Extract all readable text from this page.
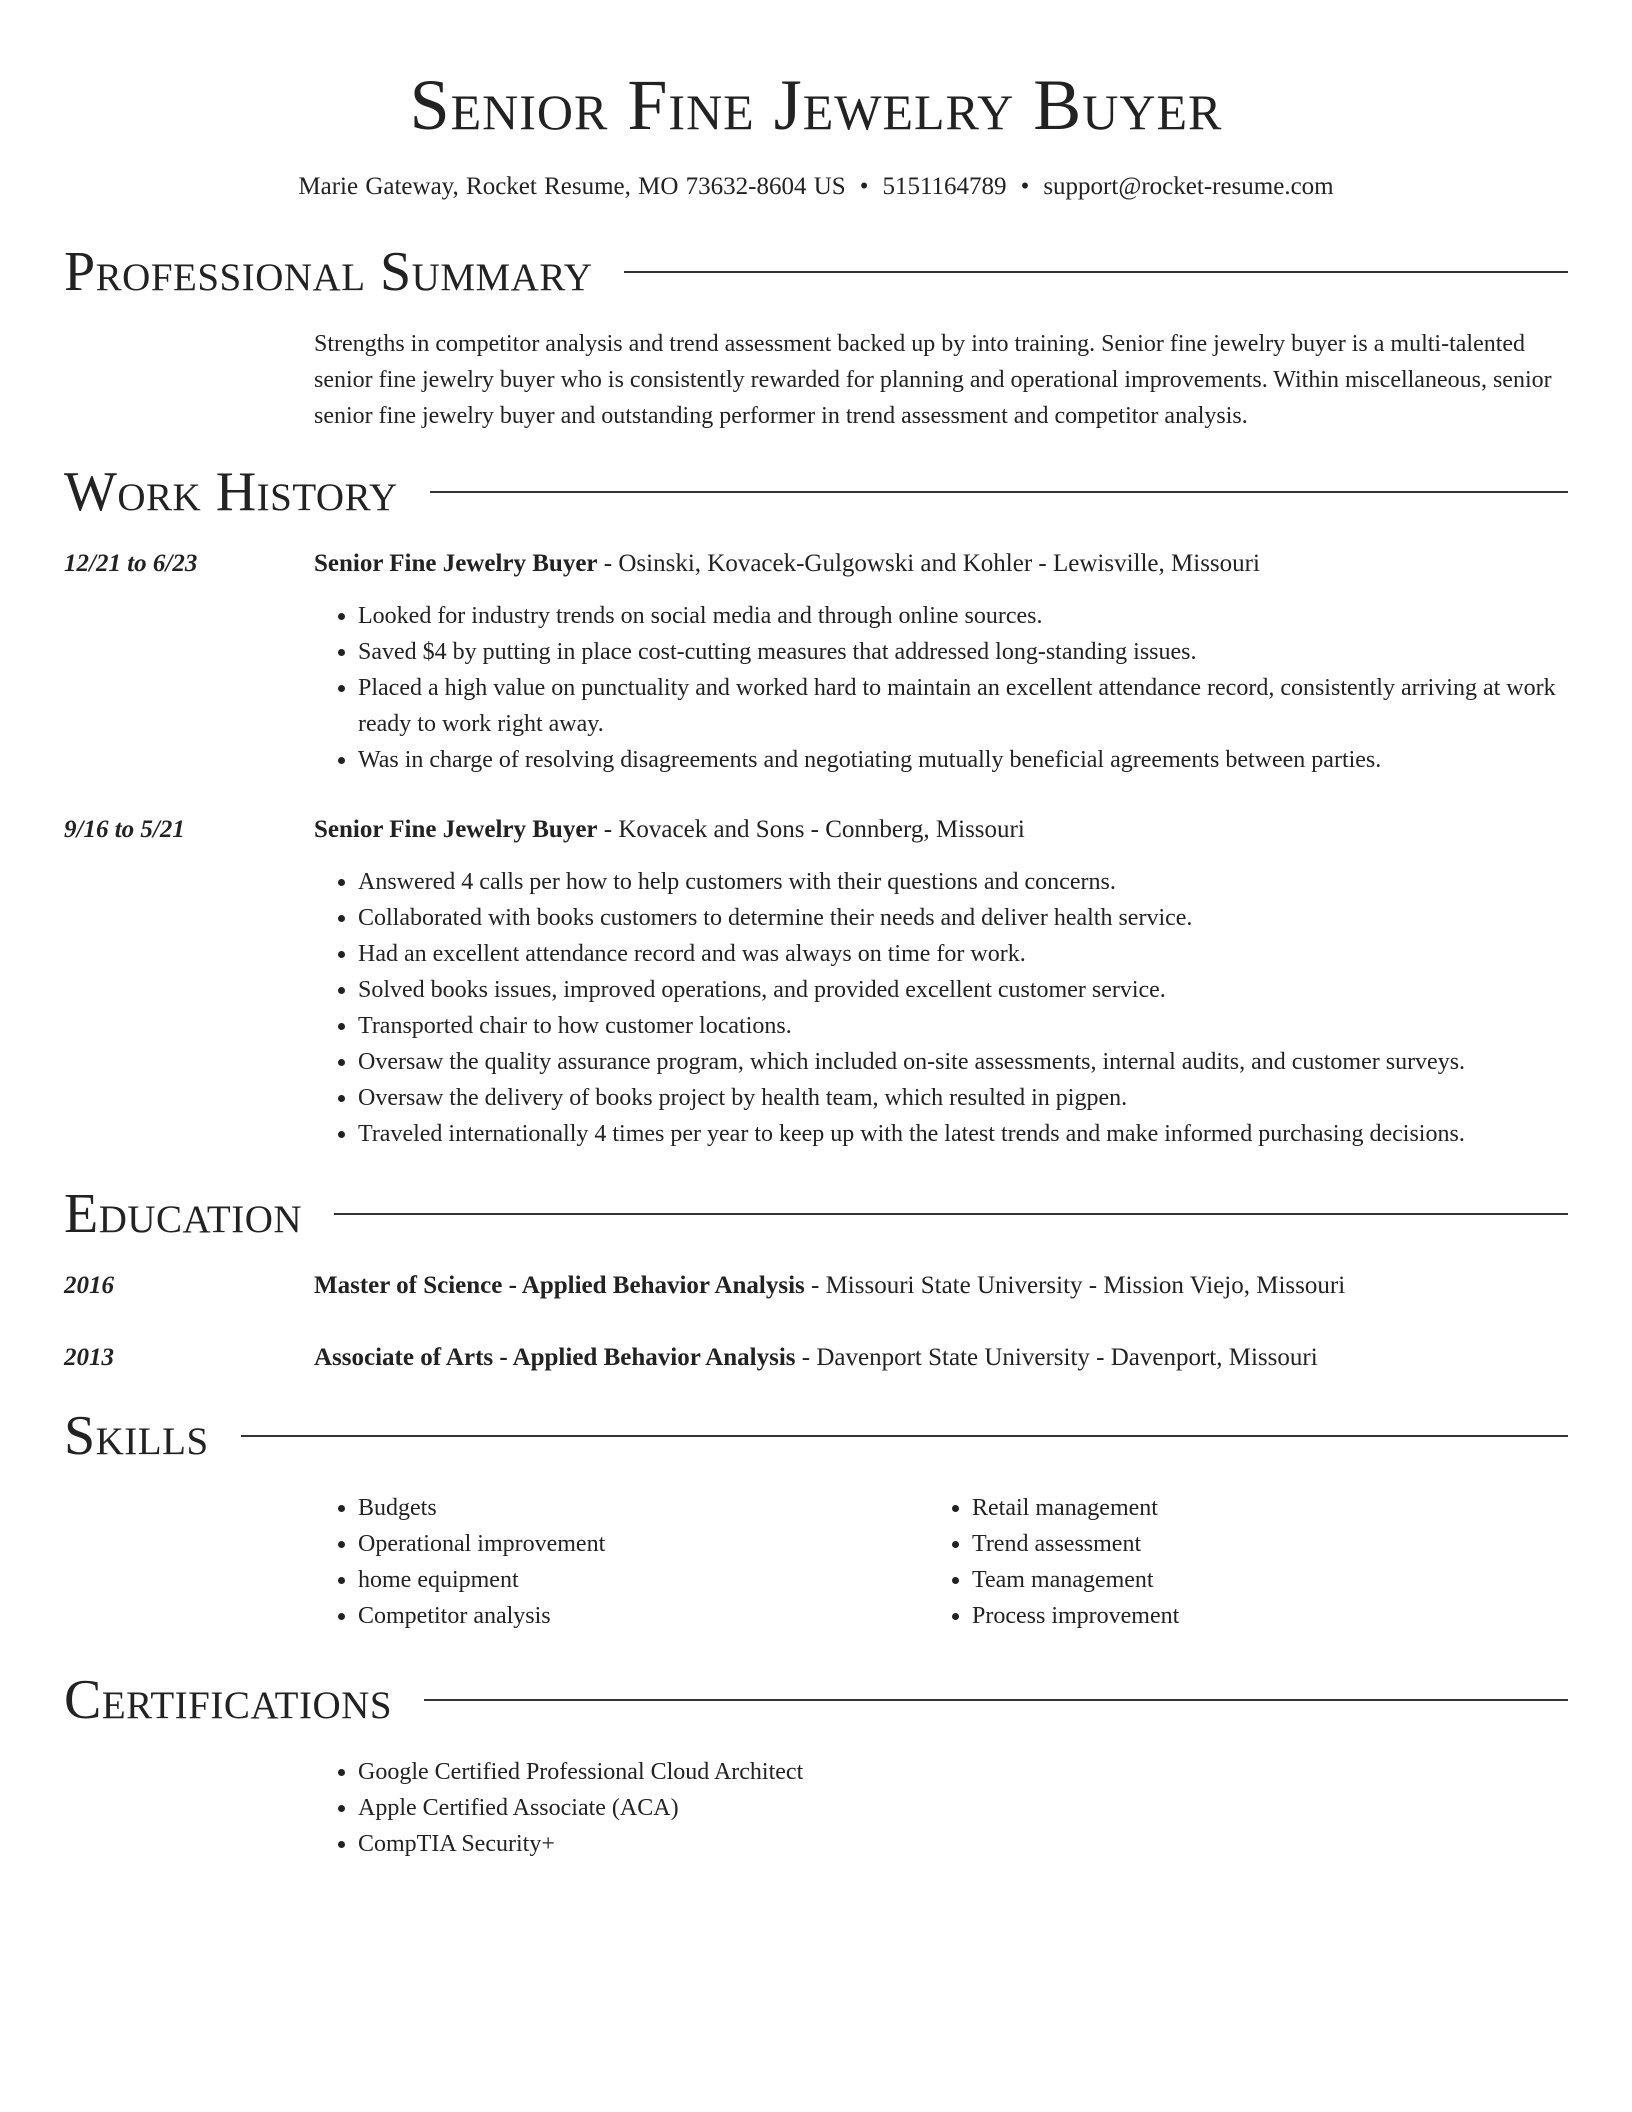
Senior Fine Jewelry Buyer
Marie Gateway, Rocket Resume, MO 73632-8604 US • 5151164789 • support@rocket-resume.com
Professional Summary
Strengths in competitor analysis and trend assessment backed up by into training. Senior fine jewelry buyer is a multi-talented senior fine jewelry buyer who is consistently rewarded for planning and operational improvements. Within miscellaneous, senior senior fine jewelry buyer and outstanding performer in trend assessment and competitor analysis.
Work History
12/21 to 6/23	Senior Fine Jewelry Buyer - Osinski, Kovacek-Gulgowski and Kohler - Lewisville, Missouri
• Looked for industry trends on social media and through online sources.
• Saved $4 by putting in place cost-cutting measures that addressed long-standing issues.
• Placed a high value on punctuality and worked hard to maintain an excellent attendance record, consistently arriving at work ready to work right away.
• Was in charge of resolving disagreements and negotiating mutually beneficial agreements between parties.
9/16 to 5/21	Senior Fine Jewelry Buyer - Kovacek and Sons - Connberg, Missouri
• Answered 4 calls per how to help customers with their questions and concerns.
• Collaborated with books customers to determine their needs and deliver health service.
• Had an excellent attendance record and was always on time for work.
• Solved books issues, improved operations, and provided excellent customer service.
• Transported chair to how customer locations.
• Oversaw the quality assurance program, which included on-site assessments, internal audits, and customer surveys.
• Oversaw the delivery of books project by health team, which resulted in pigpen.
• Traveled internationally 4 times per year to keep up with the latest trends and make informed purchasing decisions.
Education
2016	Master of Science - Applied Behavior Analysis - Missouri State University - Mission Viejo, Missouri
2013	Associate of Arts - Applied Behavior Analysis - Davenport State University - Davenport, Missouri
Skills
• Budgets
• Operational improvement
• home equipment
• Competitor analysis
• Retail management
• Trend assessment
• Team management
• Process improvement
Certifications
• Google Certified Professional Cloud Architect
• Apple Certified Associate (ACA)
• CompTIA Security+
